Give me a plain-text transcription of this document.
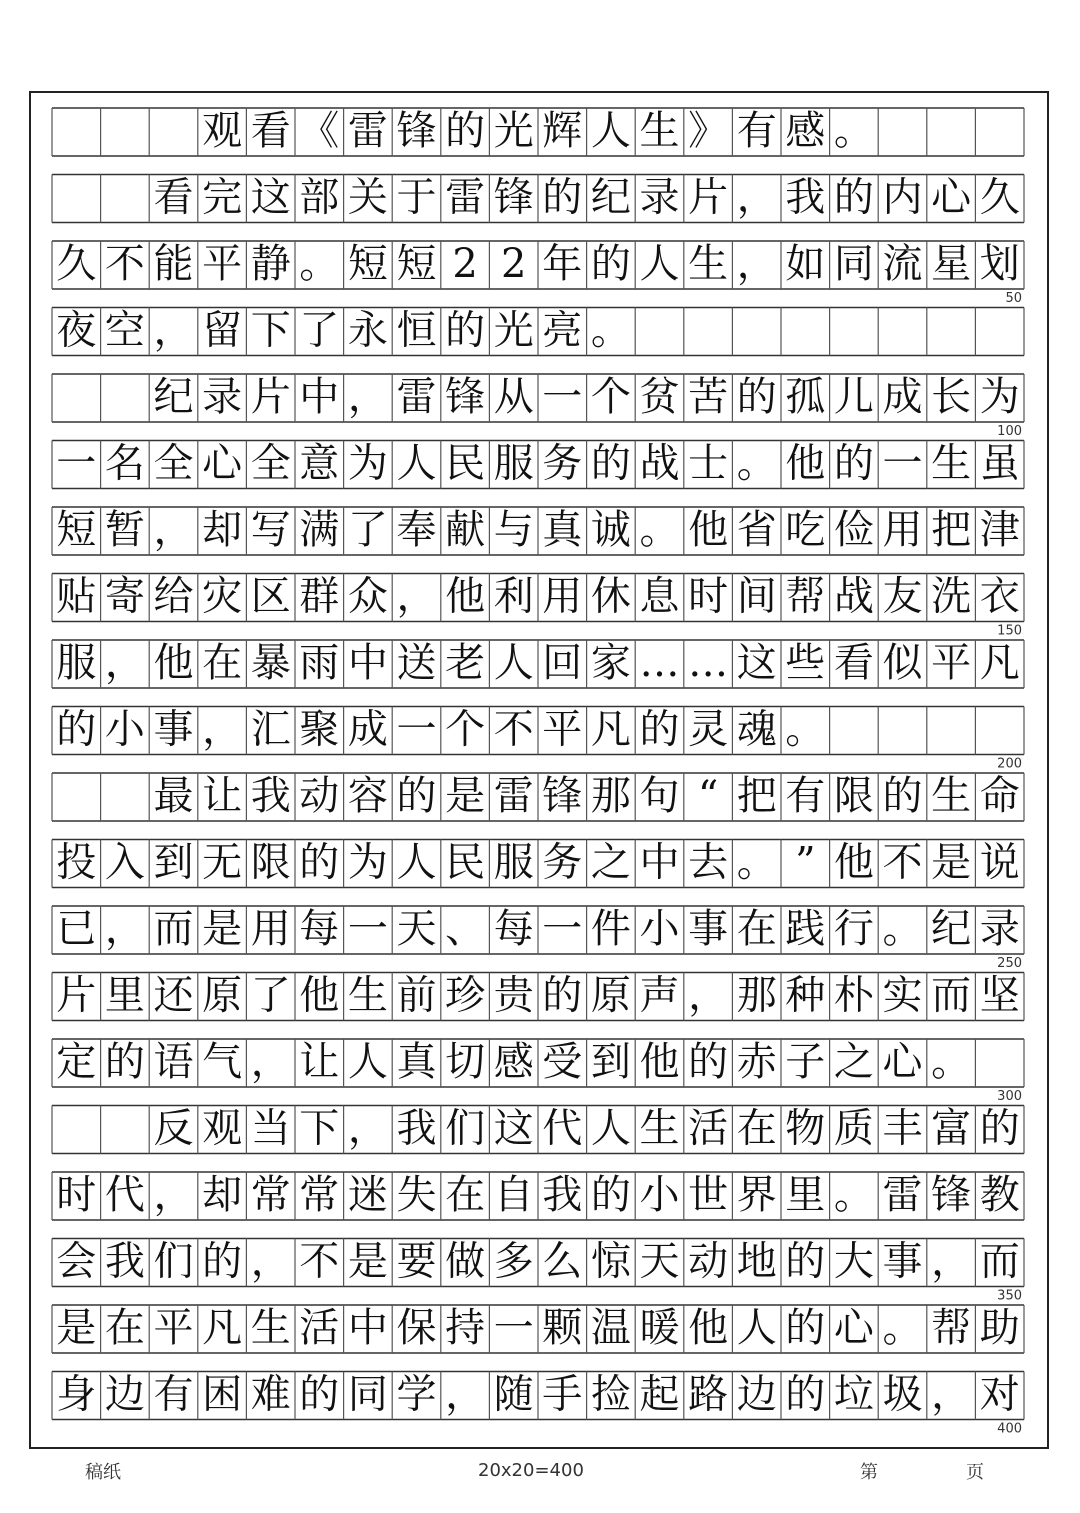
观 看 《 雷 锋 的 光 辉 人 生 》 有 感 。
看 完 这 部 关 于 雷 锋 的 纪 录 片 ， 我 的 内 心 久
久 不 能 平 静 。 短 短 2 2 年 的 人 生 ， 如 同 流 星 划
夜 空 ， 留 下 了 永 恒 的 光 亮 。
纪 录 片 中 ， 雷 锋 从 一 个 贫 苦 的 孤 儿 成 长 为
一 名 全 心 全 意 为 人 民 服 务 的 战 士 。 他 的 一 生 虽
短 暂 ， 却 写 满 了 奉 献 与 真 诚 。 他 省 吃 俭 用 把 津
贴 寄 给 灾 区 群 众 ， 他 利 用 休 息 时 间 帮 战 友 洗 衣
服 ， 他 在 暴 雨 中 送 老 人 回 家 … … 这 些 看 似 平 凡
的 小 事 ， 汇 聚 成 一 个 不 平 凡 的 灵 魂 。
最 让 我 动 容 的 是 雷 锋 那 句 “ 把 有 限 的 生 命
投 入 到 无 限 的 为 人 民 服 务 之 中 去 。 ” 他 不 是 说
已 ， 而 是 用 每 一 天 、 每 一 件 小 事 在 践 行 。 纪 录
片 里 还 原 了 他 生 前 珍 贵 的 原 声 ， 那 种 朴 实 而 坚
定 的 语 气 ， 让 人 真 切 感 受 到 他 的 赤 子 之 心 。
反 观 当 下 ， 我 们 这 代 人 生 活 在 物 质 丰 富 的
时 代 ， 却 常 常 迷 失 在 自 我 的 小 世 界 里 。 雷 锋 教
会 我 们 的 ， 不 是 要 做 多 么 惊 天 动 地 的 大 事 ， 而
是 在 平 凡 生 活 中 保 持 一 颗 温 暖 他 人 的 心 。 帮 助
身 边 有 困 难 的 同 学 ， 随 手 捡 起 路 边 的 垃 圾 ， 对
50
100
150
200
250
300
350
400
稿纸	20x20=400	第	页
